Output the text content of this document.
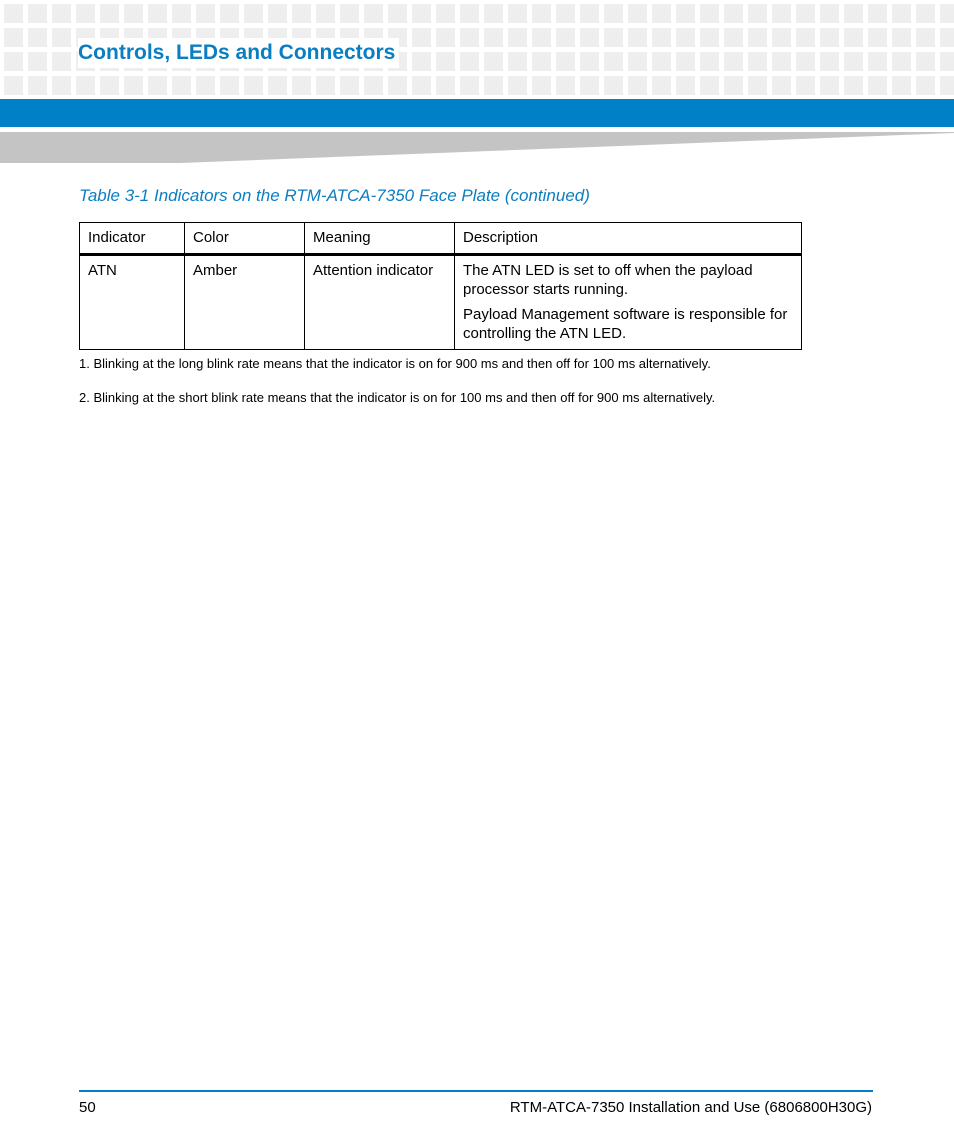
Controls, LEDs and Connectors

Table 3-1 Indicators on the RTM-ATCA-7350 Face Plate (continued)

Indicator	Color	Meaning	Description
ATN	Amber	Attention indicator	The ATN LED is set to off when the payload processor starts running.

Payload Management software is responsible for controlling the ATN LED.

1. Blinking at the long blink rate means that the indicator is on for 900 ms and then off for 100 ms alternatively.

2. Blinking at the short blink rate means that the indicator is on for 100 ms and then off for 900 ms alternatively.

50	RTM-ATCA-7350 Installation and Use (6806800H30G)
